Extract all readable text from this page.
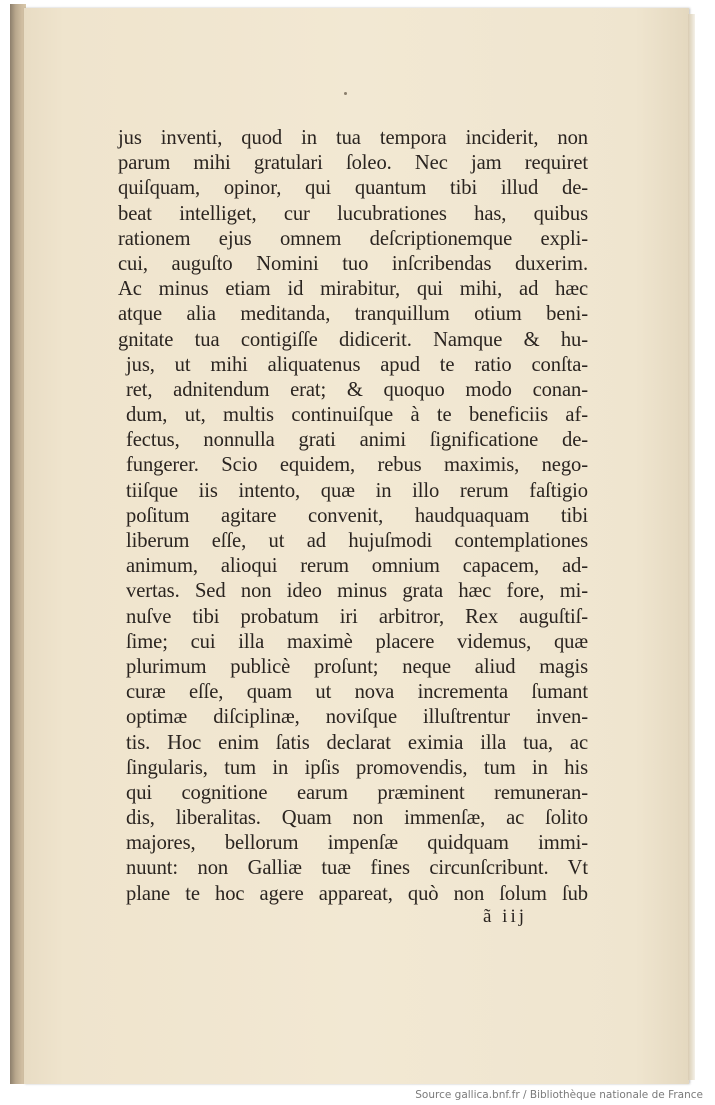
jus inventi, quod in tua tempora inciderit, non
parum mihi gratulari ſoleo. Nec jam requiret
quiſquam, opinor, qui quantum tibi illud de-
beat intelliget, cur lucubrationes has, quibus
rationem ejus omnem deſcriptionemque expli-
cui, auguſto Nomini tuo inſcribendas duxerim.
Ac minus etiam id mirabitur, qui mihi, ad hæc
atque alia meditanda, tranquillum otium beni-
gnitate tua contigiſſe didicerit. Namque & hu-
jus, ut mihi aliquatenus apud te ratio conſta-
ret, adnitendum erat; & quoquo modo conan-
dum, ut, multis continuiſque à te beneficiis af-
fectus, nonnulla grati animi ſignificatione de-
fungerer. Scio equidem, rebus maximis, nego-
tiiſque iis intento, quæ in illo rerum faſtigio
poſitum agitare convenit, haudquaquam tibi
liberum eſſe, ut ad hujuſmodi contemplationes
animum, alioqui rerum omnium capacem, ad-
vertas. Sed non ideo minus grata hæc fore, mi-
nuſve tibi probatum iri arbitror, Rex auguſtiſ-
ſime; cui illa maximè placere videmus, quæ
plurimum publicè proſunt; neque aliud magis
curæ eſſe, quam ut nova incrementa ſumant
optimæ diſciplinæ, noviſque illuſtrentur inven-
tis. Hoc enim ſatis declarat eximia illa tua, ac
ſingularis, tum in ipſis promovendis, tum in his
qui cognitione earum præminent remuneran-
dis, liberalitas. Quam non immenſæ, ac ſolito
majores, bellorum impenſæ quidquam immi-
nuunt: non Galliæ tuæ fines circunſcribunt. Vt
plane te hoc agere appareat, quò non ſolum ſub
ã iij
Source gallica.bnf.fr / Bibliothèque nationale de France
